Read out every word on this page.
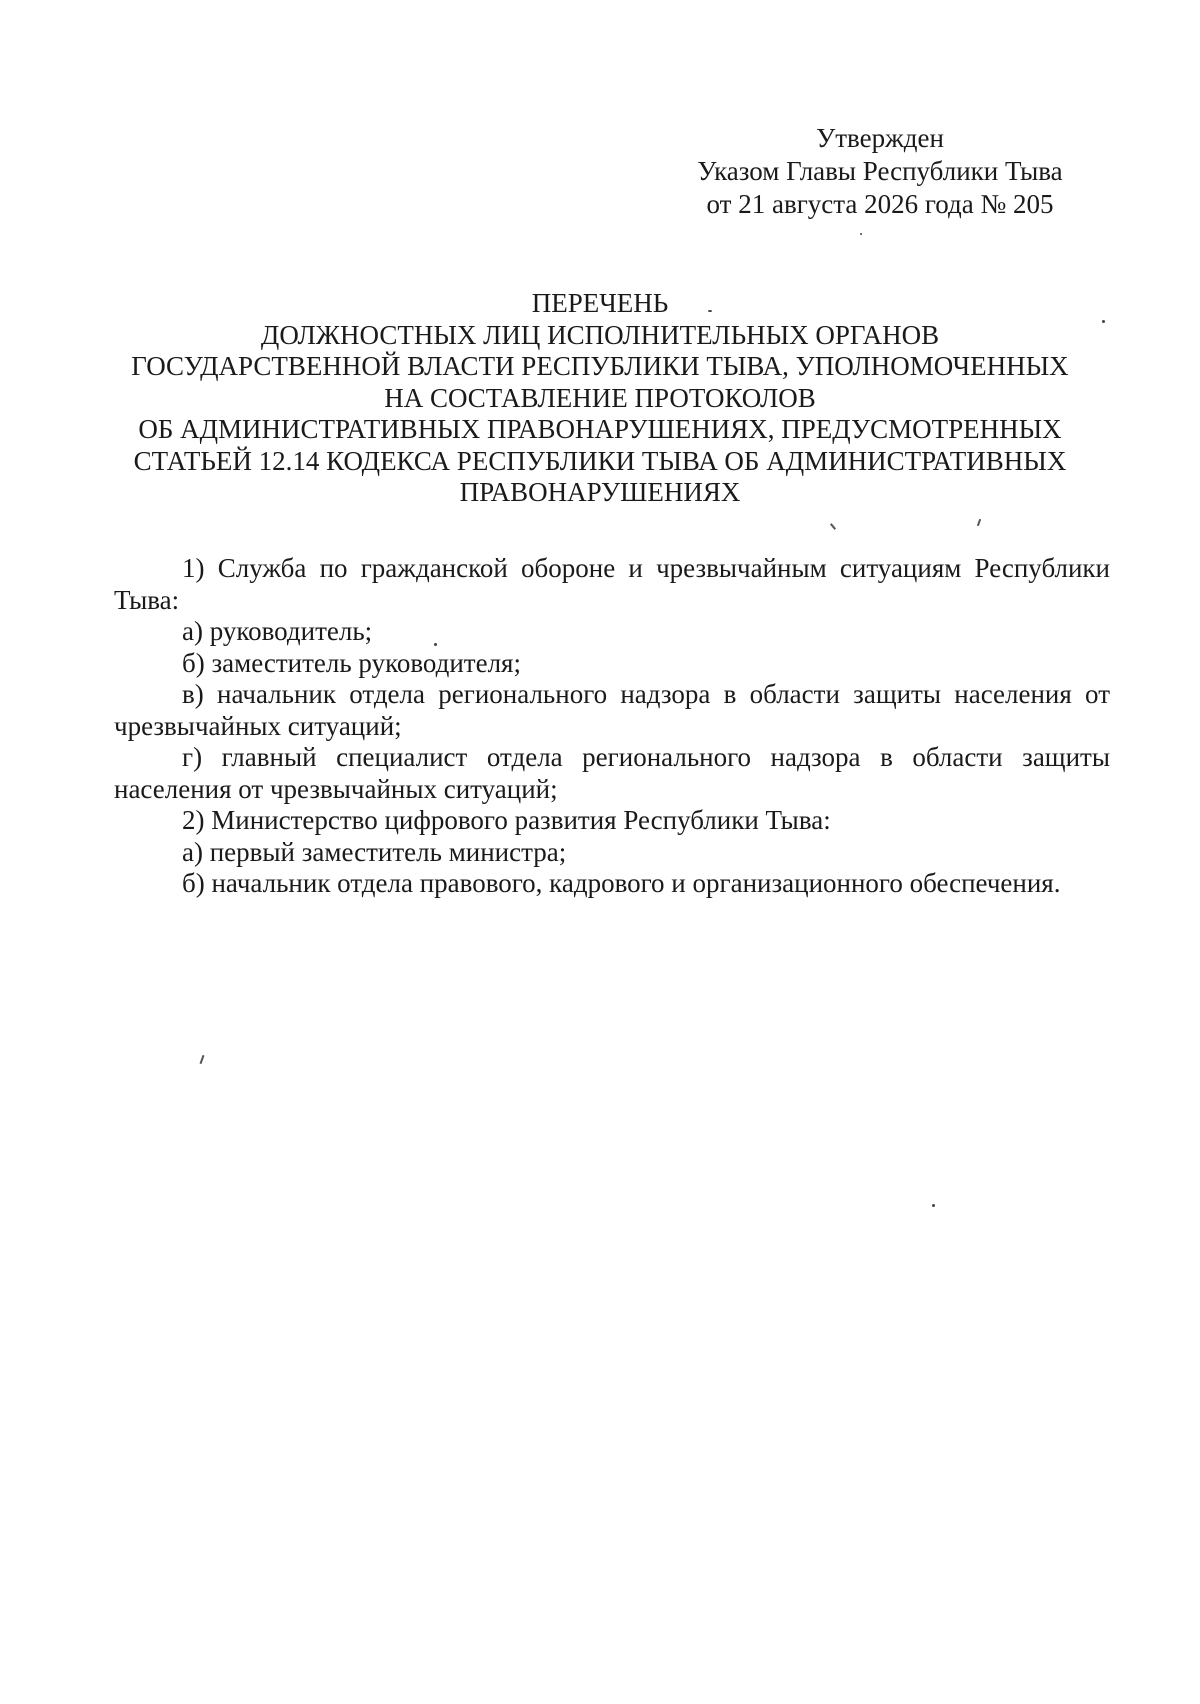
Утвержден
Указом Главы Республики Тыва
от 21 августа 2026 года № 205
ПЕРЕЧЕНЬ
ДОЛЖНОСТНЫХ ЛИЦ ИСПОЛНИТЕЛЬНЫХ ОРГАНОВ
ГОСУДАРСТВЕННОЙ ВЛАСТИ РЕСПУБЛИКИ ТЫВА, УПОЛНОМОЧЕННЫХ
НА СОСТАВЛЕНИЕ ПРОТОКОЛОВ
ОБ АДМИНИСТРАТИВНЫХ ПРАВОНАРУШЕНИЯХ, ПРЕДУСМОТРЕННЫХ
СТАТЬЕЙ 12.14 КОДЕКСА РЕСПУБЛИКИ ТЫВА ОБ АДМИНИСТРАТИВНЫХ
ПРАВОНАРУШЕНИЯХ

1) Служба по гражданской обороне и чрезвычайным ситуациям Республики Тыва:

а) руководитель;

б) заместитель руководителя;

в) начальник отдела регионального надзора в области защиты населения от чрезвычайных ситуаций;

г) главный специалист отдела регионального надзора в области защиты населения от чрезвычайных ситуаций;

2) Министерство цифрового развития Республики Тыва:

а) первый заместитель министра;

б) начальник отдела правового, кадрового и организационного обеспечения.
